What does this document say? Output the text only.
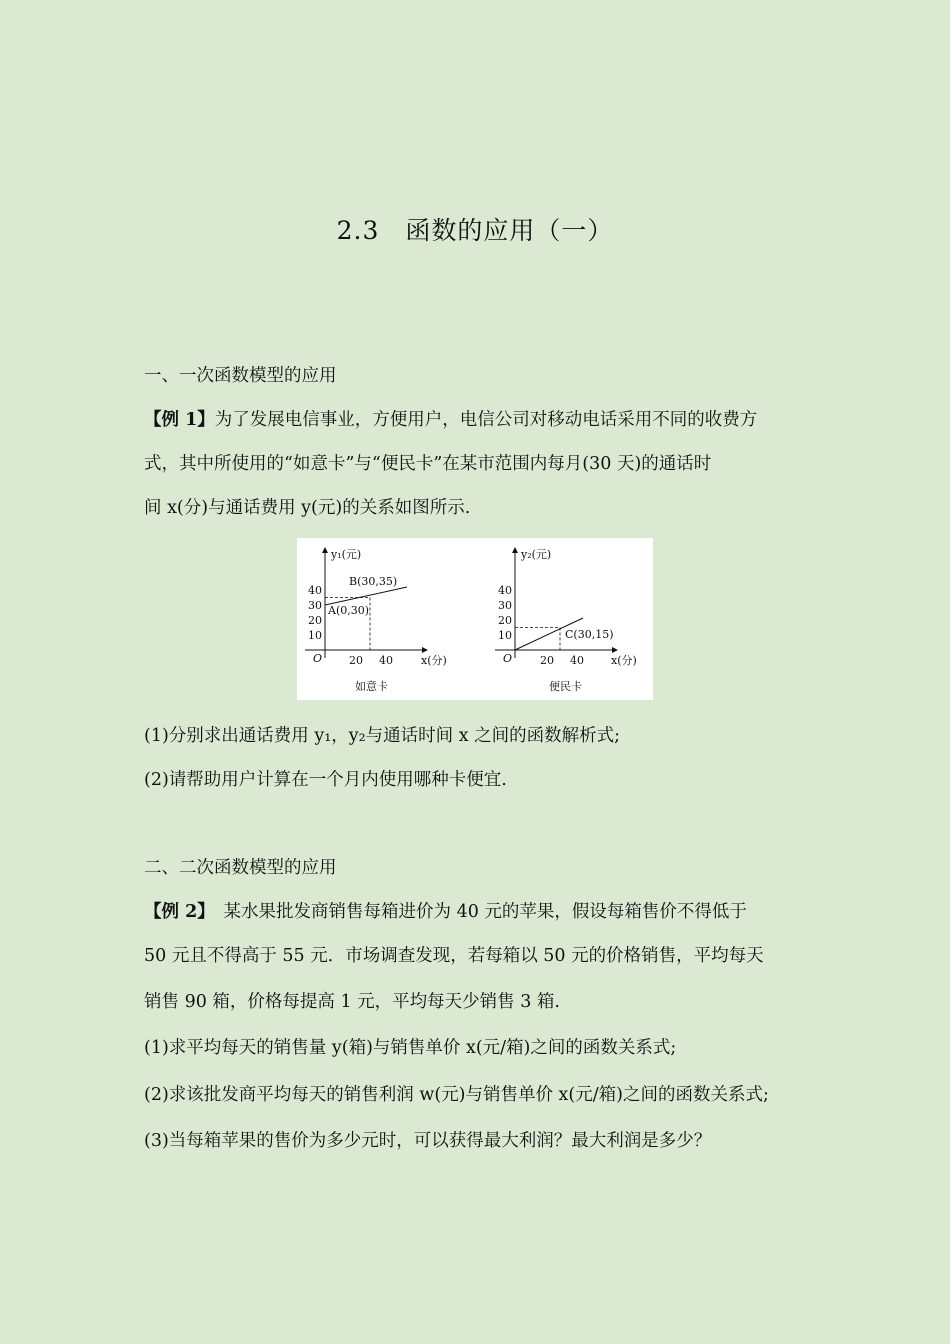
2.3　函数的应用（一）
一、一次函数模型的应用
【例 1】为了发展电信事业，方便用户，电信公司对移动电话采用不同的收费方
式，其中所使用的“如意卡”与“便民卡”在某市范围内每月(30 天)的通话时
间 x(分)与通话费用 y(元)的关系如图所示.
y₁(元)
x(分)
O
40
30
20
10
20 40
B(30,35)
A(0,30)
如意卡
y₂(元)
x(分)
O
40
30
20
10
20 40
C(30,15)
便民卡
(1)分别求出通话费用 y₁，y₂与通话时间 x 之间的函数解析式;
(2)请帮助用户计算在一个月内使用哪种卡便宜.
二、二次函数模型的应用
【例 2】　某水果批发商销售每箱进价为 40 元的苹果，假设每箱售价不得低于
50 元且不得高于 55 元．市场调查发现，若每箱以 50 元的价格销售，平均每天
销售 90 箱，价格每提高 1 元，平均每天少销售 3 箱.
(1)求平均每天的销售量 y(箱)与销售单价 x(元/箱)之间的函数关系式;
(2)求该批发商平均每天的销售利润 w(元)与销售单价 x(元/箱)之间的函数关系式;
(3)当每箱苹果的售价为多少元时，可以获得最大利润？最大利润是多少？
